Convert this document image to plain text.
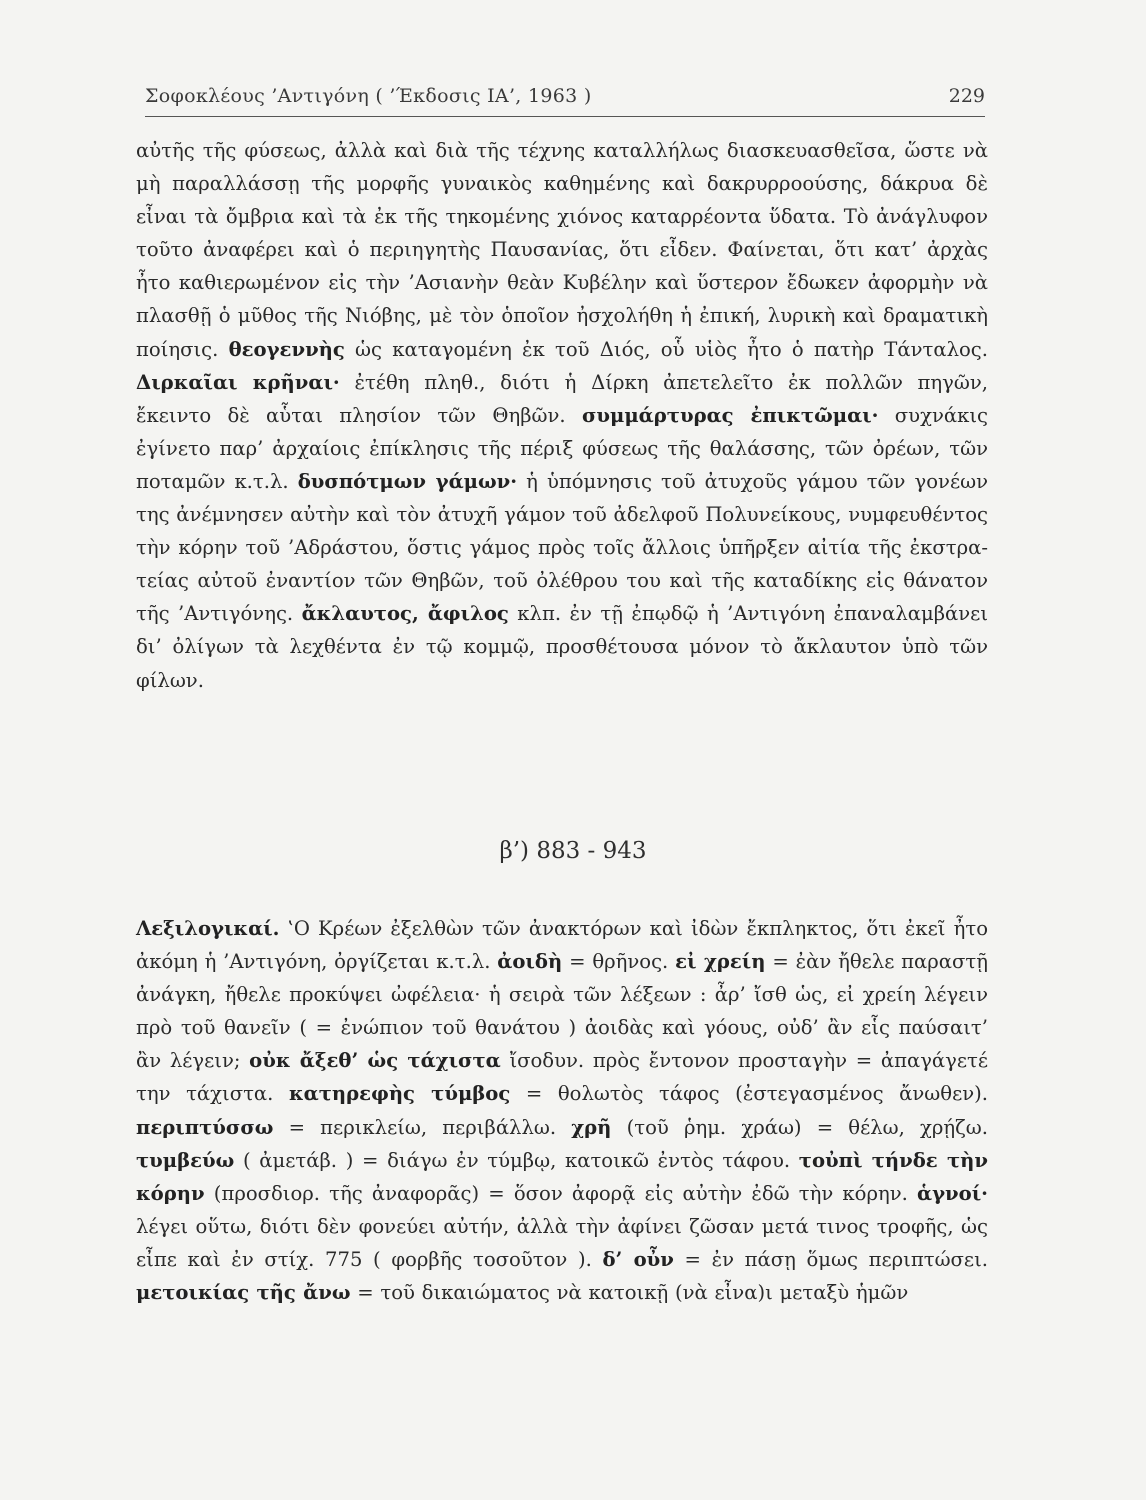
Σοφοκλέους ’Αντιγόνη ( ’Έκδοσις ΙΑ’, 1963 )	229

αὐτῆς τῆς φύσεως, ἀλλὰ καὶ διὰ τῆς τέχνης καταλλήλως διασκευασθεῖσα, ὥστε νὰ μὴ παραλλάσσῃ τῆς μορφῆς γυναικὸς καθημένης καὶ δακρυρροούσης, δάκρυα δὲ εἶναι τὰ ὄμβρια καὶ τὰ ἐκ τῆς τηκομένης χιόνος καταρρέοντα ὕδατα. Τὸ ἀνάγλυφον τοῦτο ἀναφέρει καὶ ὁ περιηγητὴς Παυσανίας, ὅτι εἶδεν. Φαίνεται, ὅτι κατ’ ἀρχὰς ἦτο καθιερωμένον εἰς τὴν ’Ασιανὴν θεὰν Κυβέλην καὶ ὕστερον ἔδωκεν ἀφορμὴν νὰ πλασθῇ ὁ μῦθος τῆς Νιόβης, μὲ τὸν ὁποῖον ἠσχολήθη ἡ ἐπική, λυρικὴ καὶ δραματικὴ ποίησις. θεογεννὴς ὡς καταγομένη ἐκ τοῦ Διός, οὗ υἱὸς ἦτο ὁ πατὴρ Τάνταλος. Διρκαῖαι κρῆναι· ἐτέθη πληθ., διότι ἡ Δίρκη ἀπετελεῖτο ἐκ πολλῶν πηγῶν, ἔκειντο δὲ αὗται πλησίον τῶν Θηβῶν. συμμάρτυρας ἐπικτῶμαι· συχνάκις ἐγίνετο παρ’ ἀρχαίοις ἐπίκλησις τῆς πέριξ φύσεως τῆς θαλάσσης, τῶν ὀρέων, τῶν ποταμῶν κ.τ.λ. δυσπότμων γάμων· ἡ ὑπόμνησις τοῦ ἀτυχοῦς γάμου τῶν γονέων της ἀνέμνησεν αὐτὴν καὶ τὸν ἀτυχῆ γάμον τοῦ ἀδελφοῦ Πολυνείκους, νυμφευθέντος τὴν κόρην τοῦ ’Αδράστου, ὅστις γάμος πρὸς τοῖς ἄλλοις ὑπῆρξεν αἰτία τῆς ἐκστρατείας αὐτοῦ ἐναντίον τῶν Θηβῶν, τοῦ ὀλέθρου του καὶ τῆς καταδίκης εἰς θάνατον τῆς ’Αντιγόνης. ἄκλαυτος, ἄφιλος κλπ. ἐν τῇ ἐπῳδῷ ἡ ’Αντιγόνη ἐπαναλαμβάνει δι’ ὀλίγων τὰ λεχθέντα ἐν τῷ κομμῷ, προσθέτουσα μόνον τὸ ἄκλαυτον ὑπὸ τῶν φίλων.

β’) 883 - 943

Λεξιλογικαί. ‛Ο Κρέων ἐξελθὼν τῶν ἀνακτόρων καὶ ἰδὼν ἔκπληκτος, ὅτι ἐκεῖ ἦτο ἀκόμη ἡ ’Αντιγόνη, ὀργίζεται κ.τ.λ. ἀοιδὴ = θρῆνος. εἰ χρείη = ἐὰν ἤθελε παραστῇ ἀνάγκη, ἤθελε προκύψει ὠφέλεια· ἡ σειρὰ τῶν λέξεων : ἆρ’ ἴσθ ὡς, εἰ χρείη λέγειν πρὸ τοῦ θανεῖν ( = ἐνώπιον τοῦ θανάτου ) ἀοιδὰς καὶ γόους, οὐδ’ ἂν εἷς παύσαιτ’ ἂν λέγειν; οὐκ ἄξεθ’ ὡς τάχιστα ἴσοδυν. πρὸς ἔντονον προσταγὴν = ἀπαγάγετέ την τάχιστα. κατηρεφὴς τύμβος = θολωτὸς τάφος (ἐστεγασμένος ἄνωθεν). περιπτύσσω = περικλείω, περιβάλλω. χρῆ (τοῦ ῥημ. χράω) = θέλω, χρῄζω. τυμβεύω ( ἀμετάβ. ) = διάγω ἐν τύμβῳ, κατοικῶ ἐντὸς τάφου. τοὐπὶ τήνδε τὴν κόρην (προσδιορ. τῆς ἀναφορᾶς) = ὅσον ἀφορᾷ εἰς αὐτὴν ἐδῶ τὴν κόρην. ἁγνοί· λέγει οὕτω, διότι δὲν φονεύει αὐτήν, ἀλλὰ τὴν ἀφίνει ζῶσαν μετά τινος τροφῆς, ὡς εἶπε καὶ ἐν στίχ. 775 ( φορβῆς τοσοῦτον ). δ’ οὖν = ἐν πάσῃ ὅμως περιπτώσει. μετοικίας τῆς ἄνω = τοῦ δικαιώματος νὰ κατοικῇ (νὰ εἶνα)ι μεταξὺ ἡμῶν
